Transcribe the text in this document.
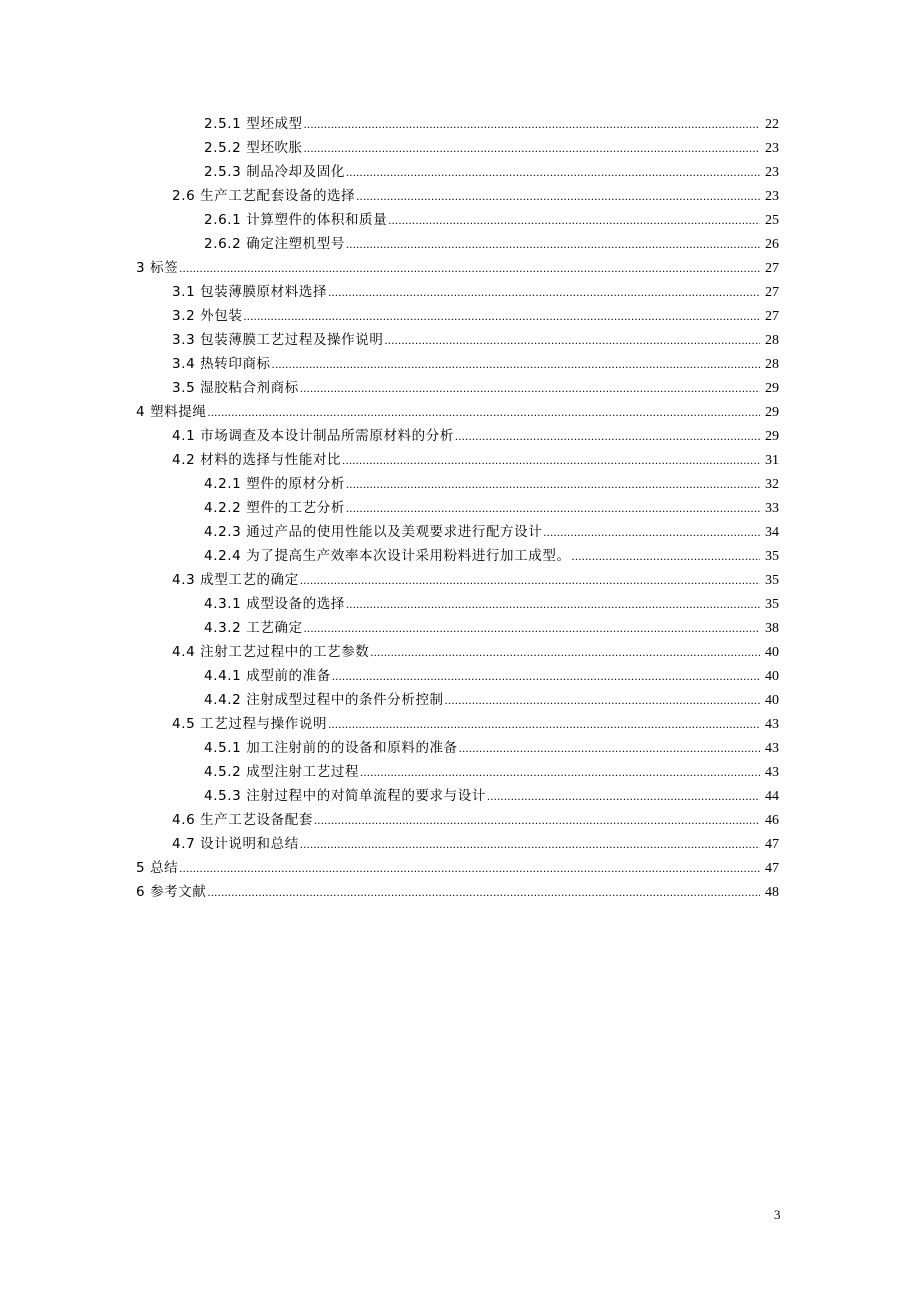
2.5.1 型坯成型 .....	22
2.5.2 型坯吹胀 .....	23
2.5.3 制品冷却及固化 .....	23
2.6 生产工艺配套设备的选择 .....	23
2.6.1 计算塑件的体积和质量 .....	25
2.6.2 确定注塑机型号 .....	26
3 标签 .....	27
3.1 包装薄膜原材料选择 .....	27
3.2 外包装 .....	27
3.3 包装薄膜工艺过程及操作说明 .....	28
3.4 热转印商标 .....	28
3.5 湿胶粘合剂商标 .....	29
4 塑料提绳 .....	29
4.1 市场调查及本设计制品所需原材料的分析 .....	29
4.2 材料的选择与性能对比 .....	31
4.2.1 塑件的原材分析 .....	32
4.2.2 塑件的工艺分析 .....	33
4.2.3 通过产品的使用性能以及美观要求进行配方设计 .....	34
4.2.4 为了提高生产效率本次设计采用粉料进行加工成型。 .....	35
4.3 成型工艺的确定 .....	35
4.3.1 成型设备的选择 .....	35
4.3.2 工艺确定 .....	38
4.4 注射工艺过程中的工艺参数 .....	40
4.4.1 成型前的准备 .....	40
4.4.2 注射成型过程中的条件分析控制 .....	40
4.5 工艺过程与操作说明 .....	43
4.5.1 加工注射前的的设备和原料的准备 .....	43
4.5.2 成型注射工艺过程 .....	43
4.5.3 注射过程中的对简单流程的要求与设计 .....	44
4.6 生产工艺设备配套 .....	46
4.7 设计说明和总结 .....	47
5 总结 .....	47
6 参考文献 .....	48
3
